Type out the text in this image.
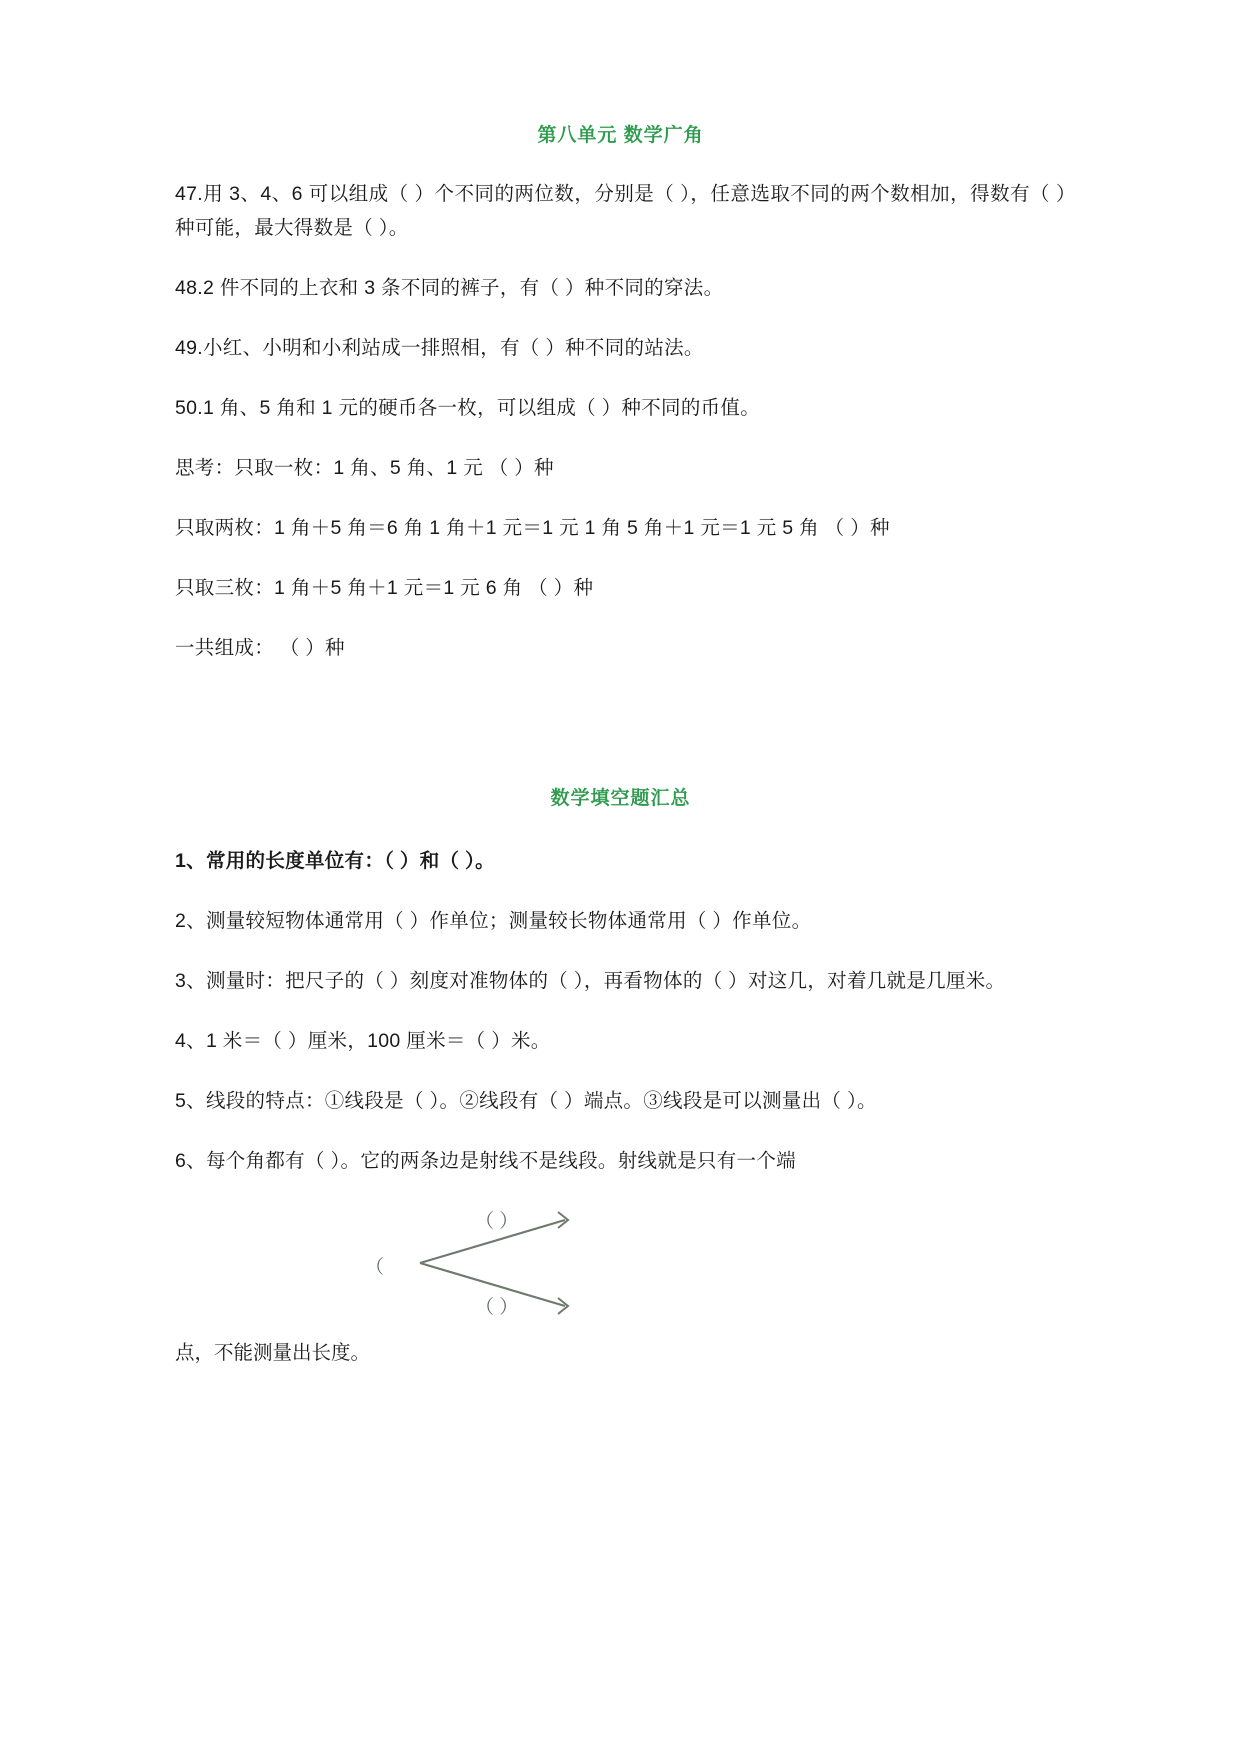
第八单元 数学广角

47.用 3、4、6 可以组成（ ）个不同的两位数，分别是（ ），任意选取不同的两个数相加，得数有（ ）种可能，最大得数是（ ）。

48.2 件不同的上衣和 3 条不同的裤子，有（ ）种不同的穿法。

49.小红、小明和小利站成一排照相，有（ ）种不同的站法。

50.1 角、5 角和 1 元的硬币各一枚，可以组成（ ）种不同的币值。

思考：只取一枚：1 角、5 角、1 元 （ ）种

只取两枚：1 角＋5 角＝6 角 1 角＋1 元＝1 元 1 角 5 角＋1 元＝1 元 5 角 （ ）种

只取三枚：1 角＋5 角＋1 元＝1 元 6 角 （ ）种

一共组成： （ ）种

数学填空题汇总

1、常用的长度单位有：（ ）和（ ）。

2、测量较短物体通常用（ ）作单位；测量较长物体通常用（ ）作单位。

3、测量时：把尺子的（ ）刻度对准物体的（ ），再看物体的（ ）对这几，对着几就是几厘米。

4、1 米＝（ ）厘米，100 厘米＝（ ）米。

5、线段的特点：①线段是（ ）。②线段有（ ）端点。③线段是可以测量出（ ）。

6、每个角都有（ ）。它的两条边是射线不是线段。射线就是只有一个端

（
（ ）
（ ）

点，不能测量出长度。
